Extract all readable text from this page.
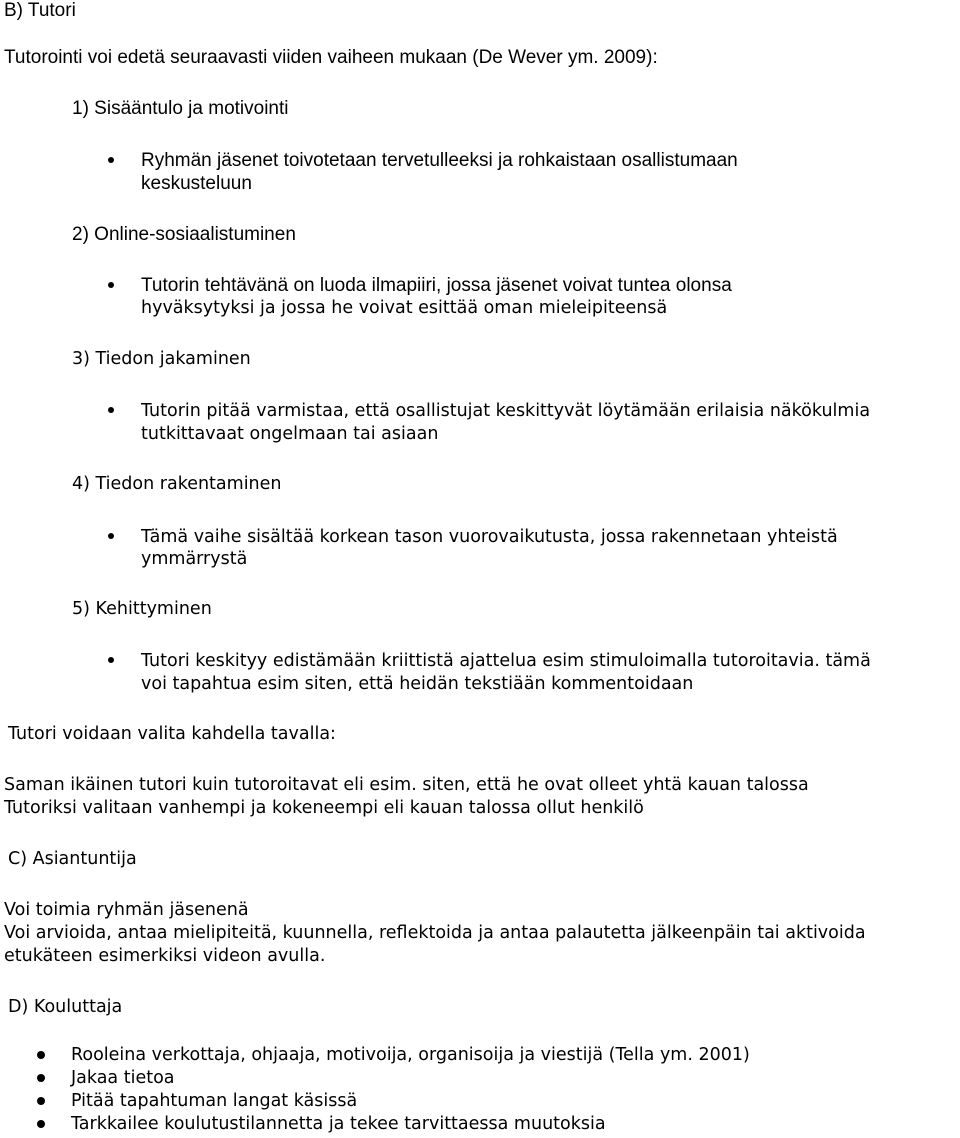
B) Tutori
Tutorointi voi edetä seuraavasti viiden vaiheen mukaan (De Wever ym. 2009):
1) Sisääntulo ja motivointi
Ryhmän jäsenet toivotetaan tervetulleeksi ja rohkaistaan osallistumaan
keskusteluun
2) Online-sosiaalistuminen
Tutorin tehtävänä on luoda ilmapiiri, jossa jäsenet voivat tuntea olonsa
hyväksytyksi ja jossa he voivat esittää oman mieleipiteensä
3) Tiedon jakaminen
Tutorin pitää varmistaa, että osallistujat keskittyvät löytämään erilaisia näkökulmia
tutkittavaat ongelmaan tai asiaan
4) Tiedon rakentaminen
Tämä vaihe sisältää korkean tason vuorovaikutusta, jossa rakennetaan yhteistä
ymmärrystä
5) Kehittyminen
Tutori keskityy edistämään kriittistä ajattelua esim stimuloimalla tutoroitavia. tämä
voi tapahtua esim siten, että heidän tekstiään kommentoidaan
Tutori voidaan valita kahdella tavalla:
Saman ikäinen tutori kuin tutoroitavat eli esim. siten, että he ovat olleet yhtä kauan talossa
Tutoriksi valitaan vanhempi ja kokeneempi eli kauan talossa ollut henkilö
C) Asiantuntija
Voi toimia ryhmän jäsenenä
Voi arvioida, antaa mielipiteitä, kuunnella, reflektoida ja antaa palautetta jälkeenpäin tai aktivoida
etukäteen esimerkiksi videon avulla.
D) Kouluttaja
Rooleina verkottaja, ohjaaja, motivoija, organisoija ja viestijä (Tella ym. 2001)
Jakaa tietoa
Pitää tapahtuman langat käsissä
Tarkkailee koulutustilannetta ja tekee tarvittaessa muutoksia
